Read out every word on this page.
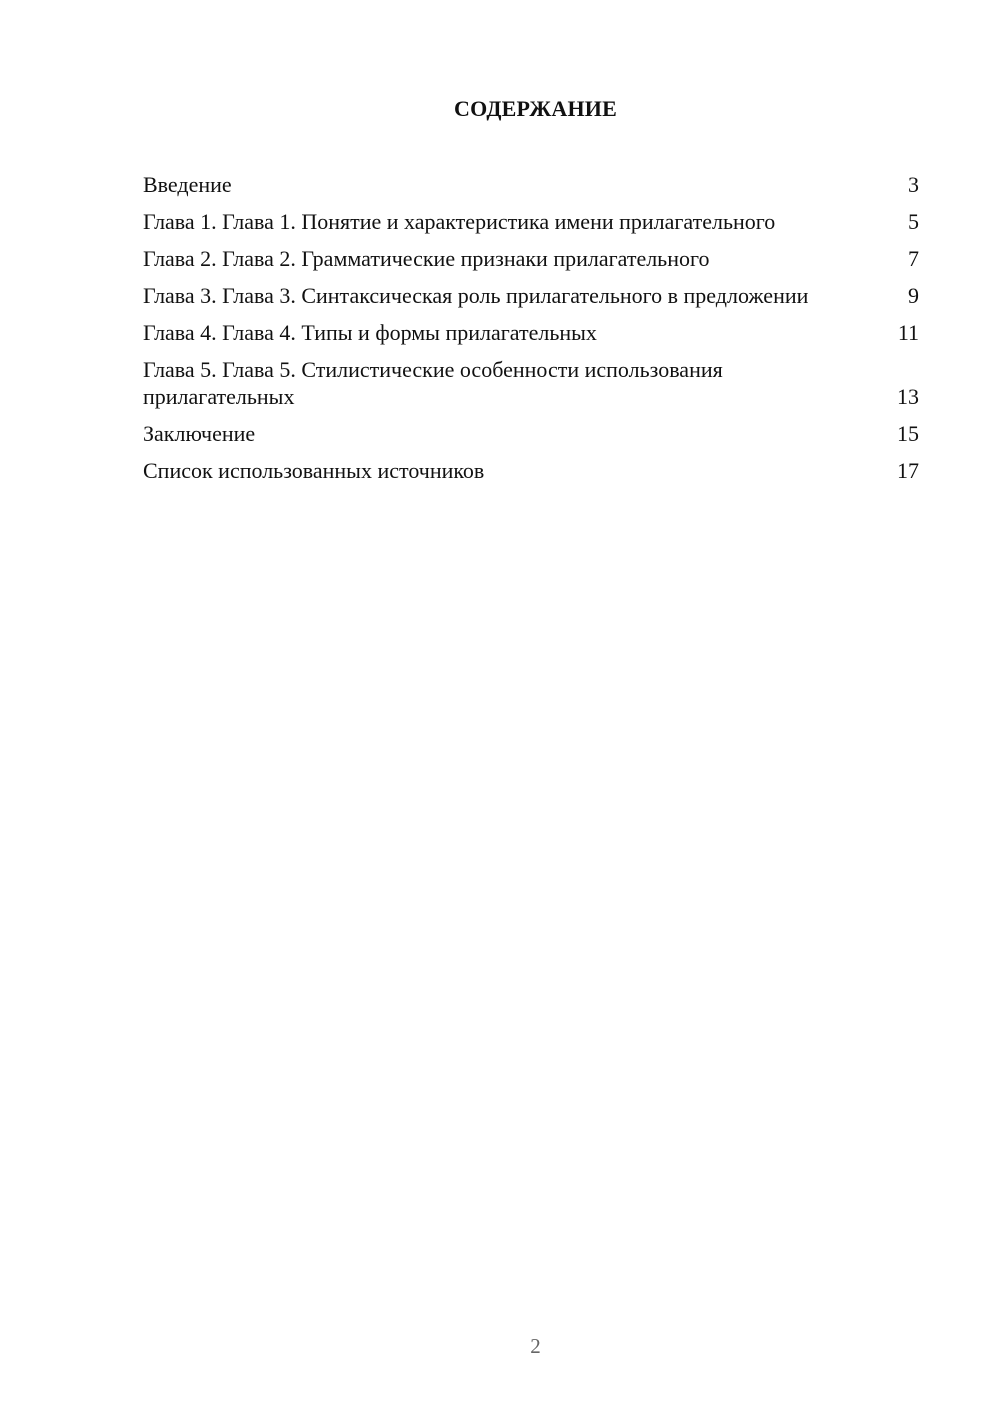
СОДЕРЖАНИЕ
Введение	3
Глава 1. Глава 1. Понятие и характеристика имени прилагательного	5
Глава 2. Глава 2. Грамматические признаки прилагательного	7
Глава 3. Глава 3. Синтаксическая роль прилагательного в предложении	9
Глава 4. Глава 4. Типы и формы прилагательных	11
Глава 5. Глава 5. Стилистические особенности использования прилагательных	13
Заключение	15
Список использованных источников	17
2
